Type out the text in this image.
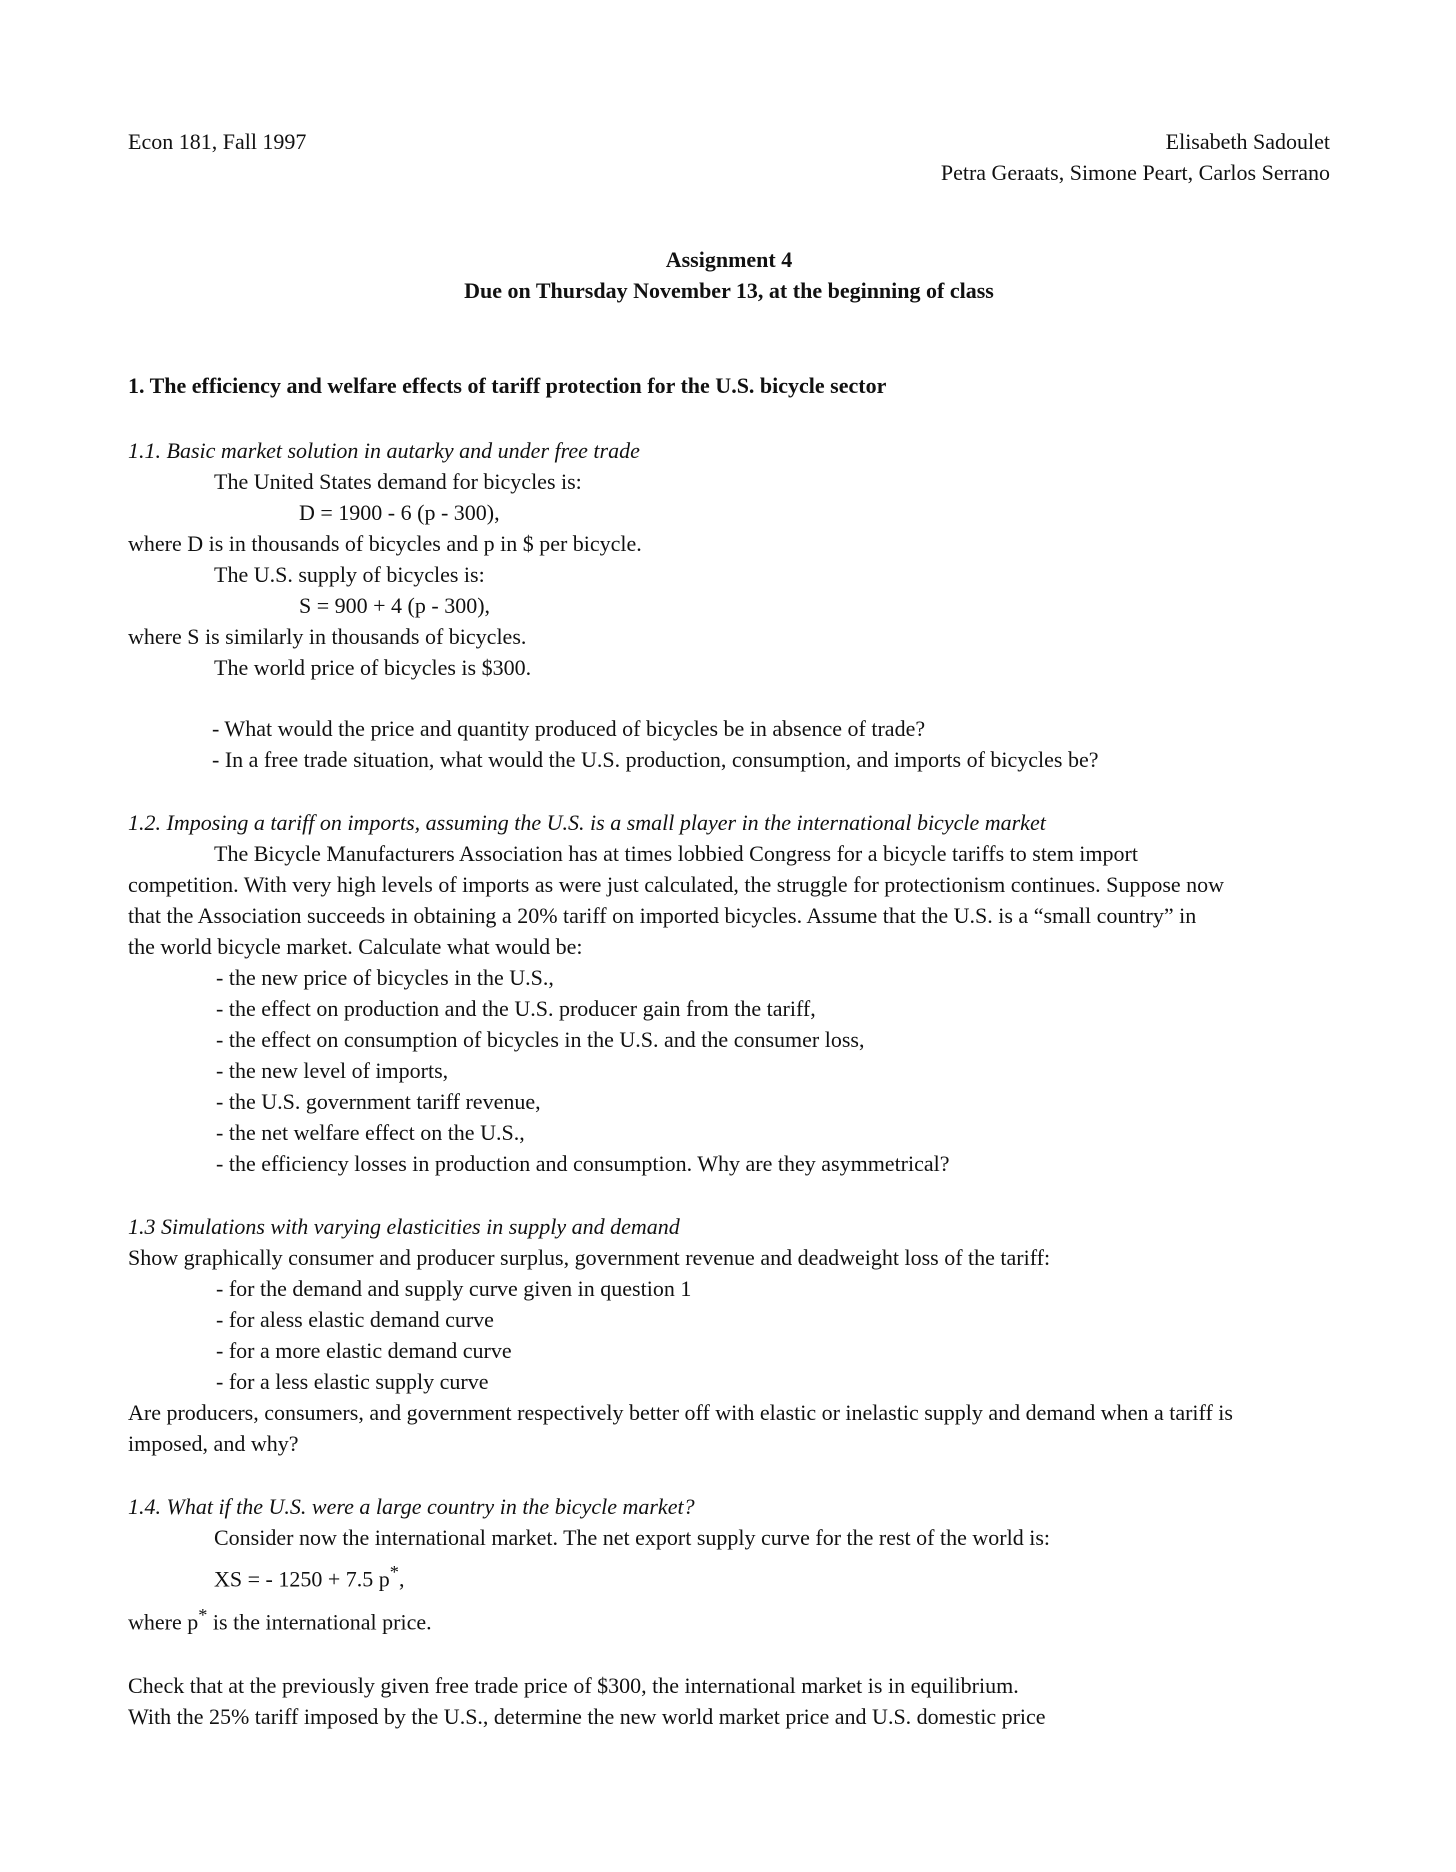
Econ 181, Fall 1997	Elisabeth Sadoulet
Petra Geraats, Simone Peart, Carlos Serrano
Assignment 4
Due on Thursday November 13, at the beginning of class
1. The efficiency and welfare effects of tariff protection for the U.S. bicycle sector

1.1. Basic market solution in autarky and under free trade

The United States demand for bicycles is:

D = 1900 - 6 (p - 300),

where D is in thousands of bicycles and p in $ per bicycle.

The U.S. supply of bicycles is:

S = 900 + 4 (p - 300),

where S is similarly in thousands of bicycles.

The world price of bicycles is $300.

- What would the price and quantity produced of bicycles be in absence of trade?

- In a free trade situation, what would the U.S. production, consumption, and imports of bicycles be?

1.2. Imposing a tariff on imports, assuming the U.S. is a small player in the international bicycle market

The Bicycle Manufacturers Association has at times lobbied Congress for a bicycle tariffs to stem import

competition. With very high levels of imports as were just calculated, the struggle for protectionism continues. Suppose now

that the Association succeeds in obtaining a 20% tariff on imported bicycles. Assume that the U.S. is a “small country” in

the world bicycle market. Calculate what would be:

- the new price of bicycles in the U.S.,

- the effect on production and the U.S. producer gain from the tariff,

- the effect on consumption of bicycles in the U.S. and the consumer loss,

- the new level of imports,

- the U.S. government tariff revenue,

- the net welfare effect on the U.S.,

- the efficiency losses in production and consumption. Why are they asymmetrical?

1.3 Simulations with varying elasticities in supply and demand

Show graphically consumer and producer surplus, government revenue and deadweight loss of the tariff:

- for the demand and supply curve given in question 1

- for aless elastic demand curve

- for a more elastic demand curve

- for a less elastic supply curve

Are producers, consumers, and government respectively better off with elastic or inelastic supply and demand when a tariff is

imposed, and why?

1.4. What if the U.S. were a large country in the bicycle market?

Consider now the international market. The net export supply curve for the rest of the world is:

XS = - 1250 + 7.5 p*,

where p* is the international price.

Check that at the previously given free trade price of $300, the international market is in equilibrium.

With the 25% tariff imposed by the U.S., determine the new world market price and U.S. domestic price
